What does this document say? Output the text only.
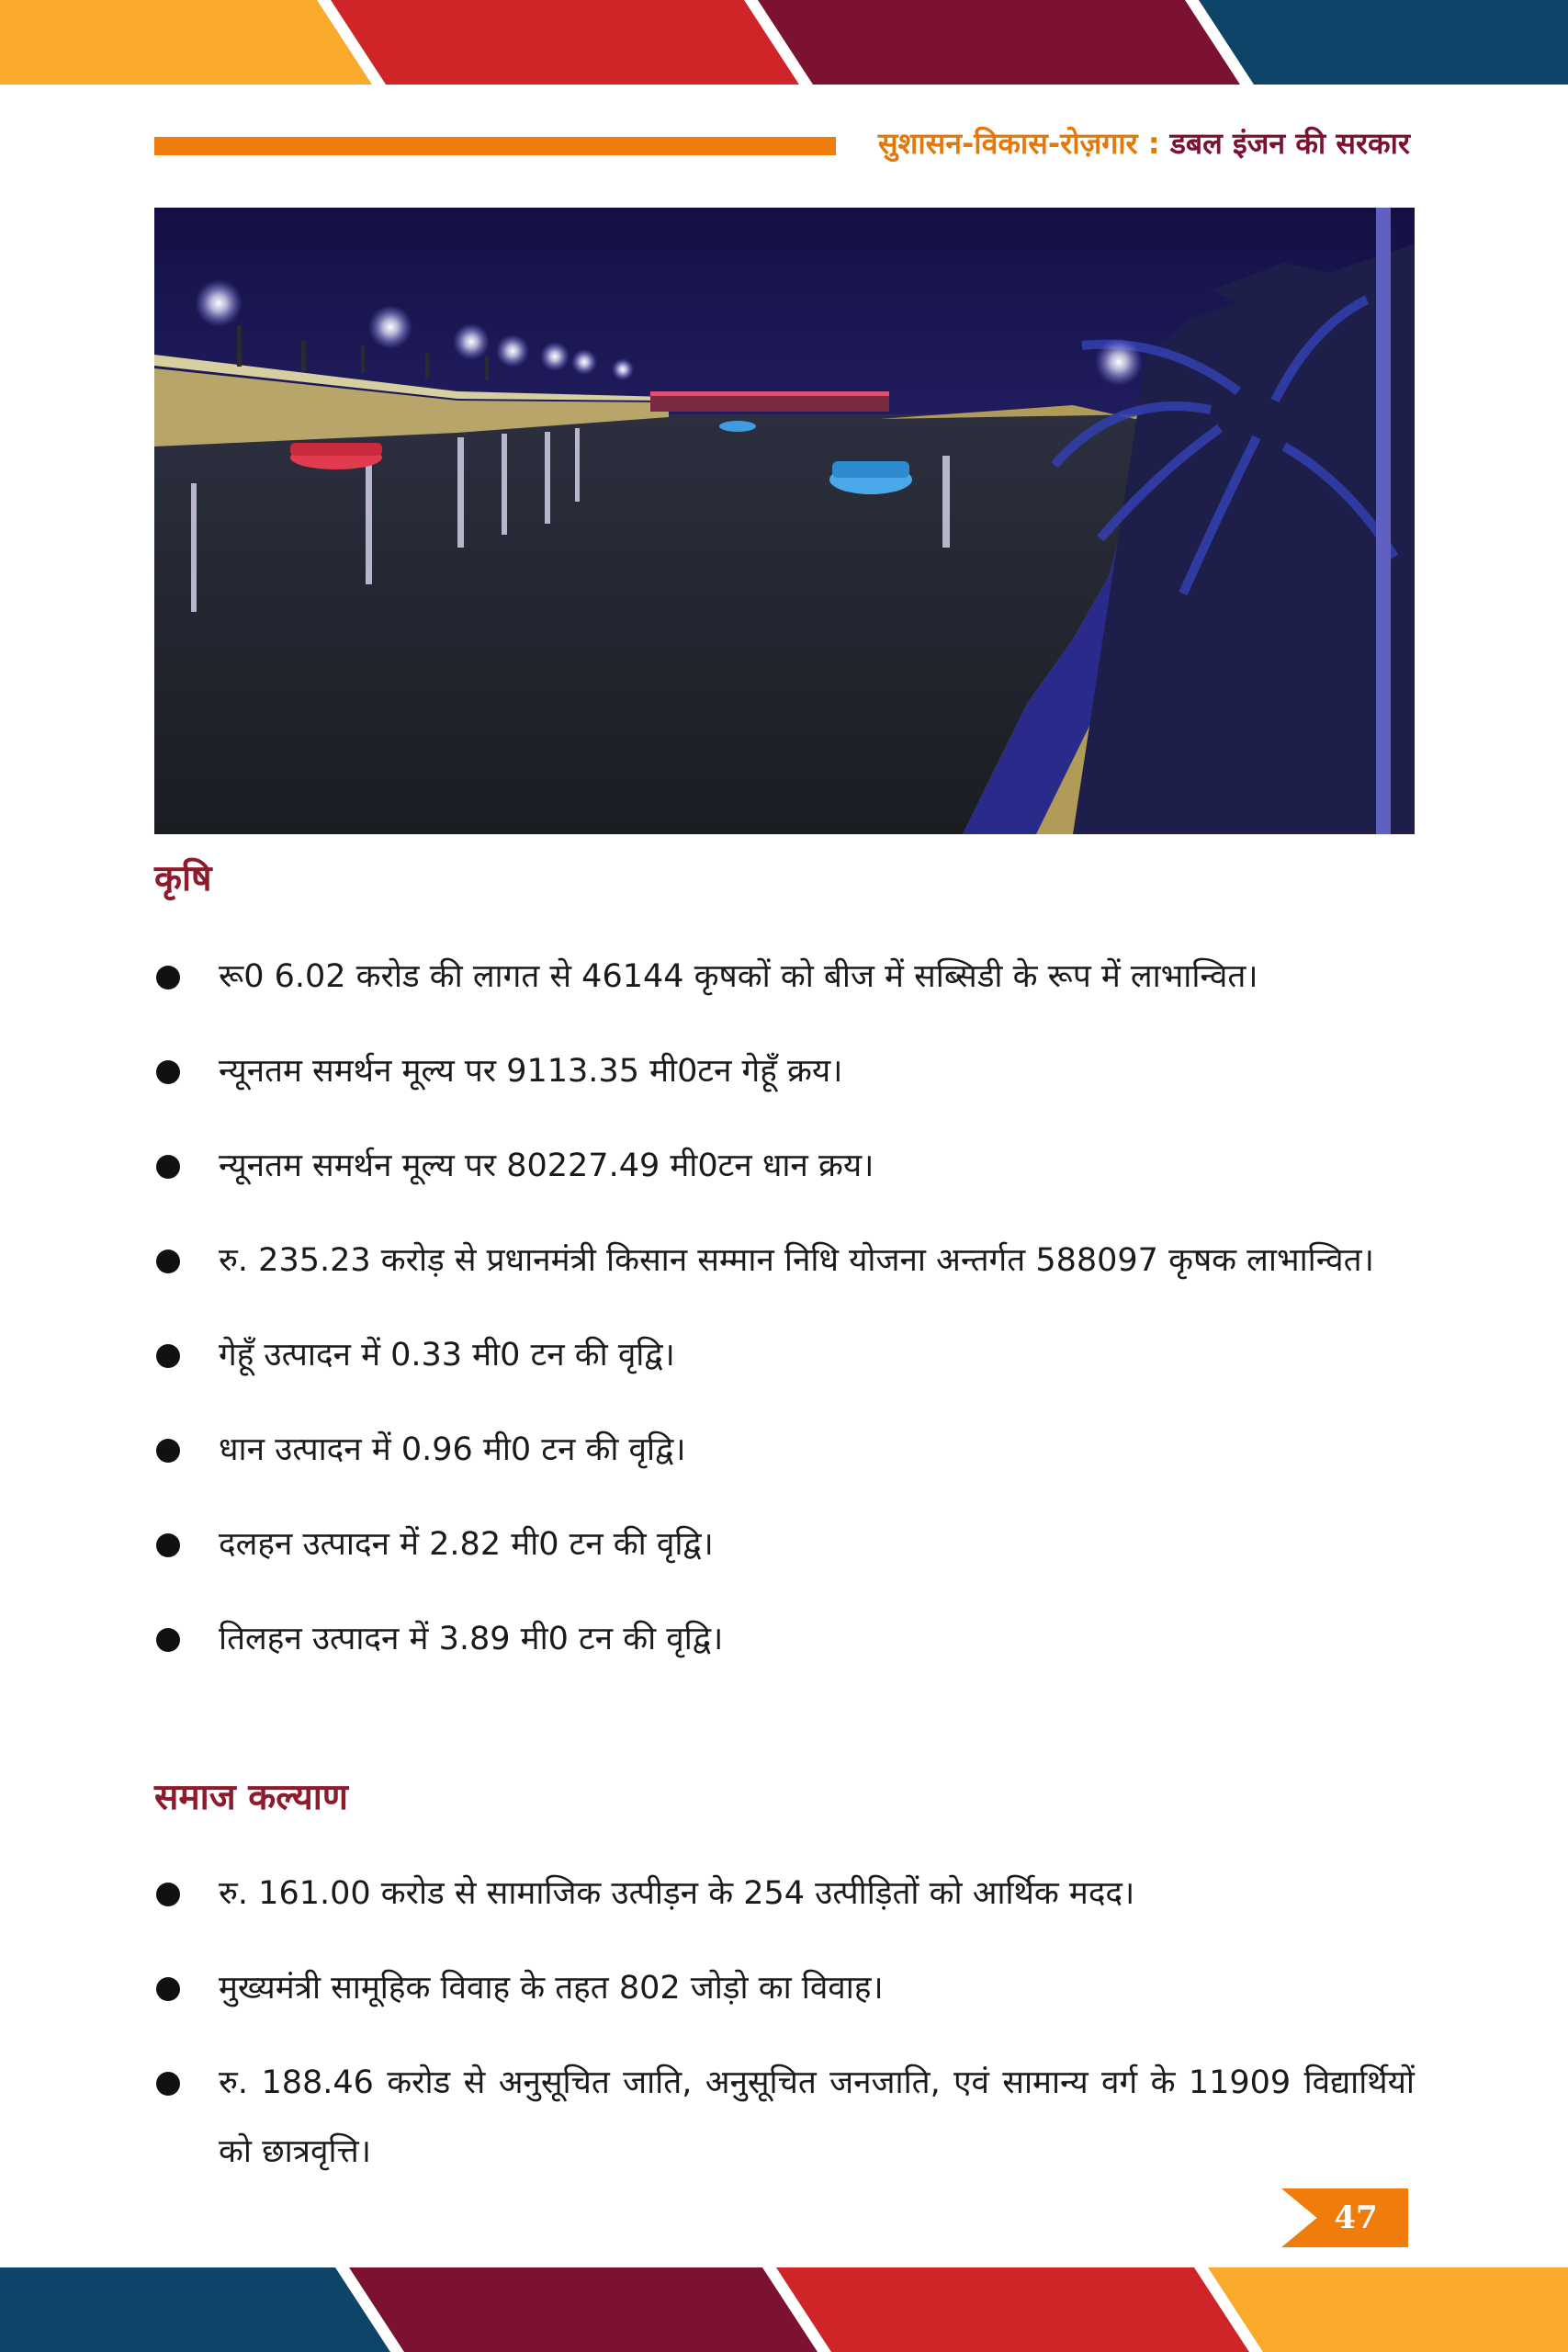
सुशासन-विकास-रोज़गार : डबल इंजन की सरकार
कृषि
रू0 6.02 करोड की लागत से 46144 कृषकों को बीज में सब्सिडी के रूप में लाभान्वित।
न्यूनतम समर्थन मूल्य पर 9113.35 मी0टन गेहूँ क्रय।
न्यूनतम समर्थन मूल्य पर 80227.49 मी0टन धान क्रय।
रु. 235.23 करोड़ से प्रधानमंत्री किसान सम्मान निधि योजना अन्तर्गत 588097 कृषक लाभान्वित।
गेहूँ उत्पादन में 0.33 मी0 टन की वृद्वि।
धान उत्पादन में 0.96 मी0 टन की वृद्वि।
दलहन उत्पादन में 2.82 मी0 टन की वृद्वि।
तिलहन उत्पादन में 3.89 मी0 टन की वृद्वि।
समाज कल्याण
रु. 161.00 करोड से सामाजिक उत्पीड़न के 254 उत्पीड़ितों को आर्थिक मदद।
मुख्यमंत्री सामूहिक विवाह के तहत 802 जोड़ो का विवाह।
रु. 188.46 करोड से अनुसूचित जाति, अनुसूचित जनजाति, एवं सामान्य वर्ग के 11909 विद्यार्थियों को छात्रवृत्ति।
47
